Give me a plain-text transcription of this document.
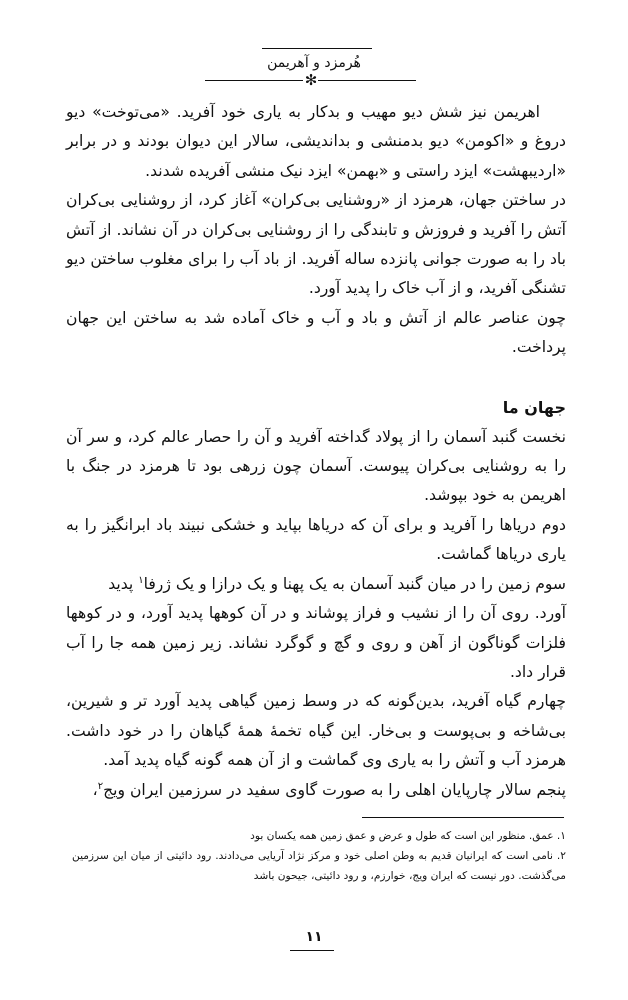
هُرمزد و آهریمن
✻

اهریمن نیز شش دیو مهیب و بدکار به یاری خود آفرید. «می‌توخت» دیو دروغ و «اکومن» دیو بدمنشی و بداندیشی، سالار این دیوان بودند و در برابر «اردیبهشت» ایزد راستی و «بهمن» ایزد نیک منشی آفریده شدند.

در ساختن جهان، هرمزد از «روشنایی بی‌کران» آغاز کرد، از روشنایی بی‌کران آتش را آفرید و فروزش و تابندگی را از روشنایی بی‌کران در آن نشاند. از آتش باد را به صورت جوانی پانزده ساله آفرید. از باد آب را برای مغلوب ساختن دیو تشنگی آفرید، و از آب خاک را پدید آورد.

چون عناصر عالم از آتش و باد و آب و خاک آماده شد به ساختن این جهان پرداخت.

جهان ما

نخست گنبد آسمان را از پولاد گداخته آفرید و آن را حصار عالم کرد، و سر آن را به روشنایی بی‌کران پیوست. آسمان چون زرهی بود تا هرمزد در جنگ با اهریمن به خود بپوشد.

دوم دریاها را آفرید و برای آن که دریاها بپاید و خشکی نبیند باد ابرانگیز را به یاری دریاها گماشت.

سوم زمین را در میان گنبد آسمان به یک پهنا و یک درازا و یک ژرفا$^۱$ پدید

آورد. روی آن را از نشیب و فراز پوشاند و در آن کوهها پدید آورد، و در کوهها فلزات گوناگون از آهن و روی و گچ و گوگرد نشاند. زیر زمین همه جا را آب قرار داد.

چهارم گیاه آفرید، بدین‌گونه که در وسط زمین گیاهی پدید آورد تر و شیرین، بی‌شاخه و بی‌پوست و بی‌خار. این گیاه تخمهٔ همهٔ گیاهان را در خود داشت. هرمزد آب و آتش را به یاری وی گماشت و از آن همه گونه گیاه پدید آمد.

پنجم سالار چارپایان اهلی را به صورت گاوی سفید در سرزمین ایران ویج$^۲$،

۱. عمق. منظور این است که طول و عرض و عمق زمین همه یکسان بود

۲. نامی است که ایرانیان قدیم به وطن اصلی خود و مرکز نژاد آریایی می‌دادند. رود دائیتی از میان این سرزمین می‌گذشت. دور نیست که ایران ویج، خوارزم، و رود دائیتی، جیحون باشد

۱۱
